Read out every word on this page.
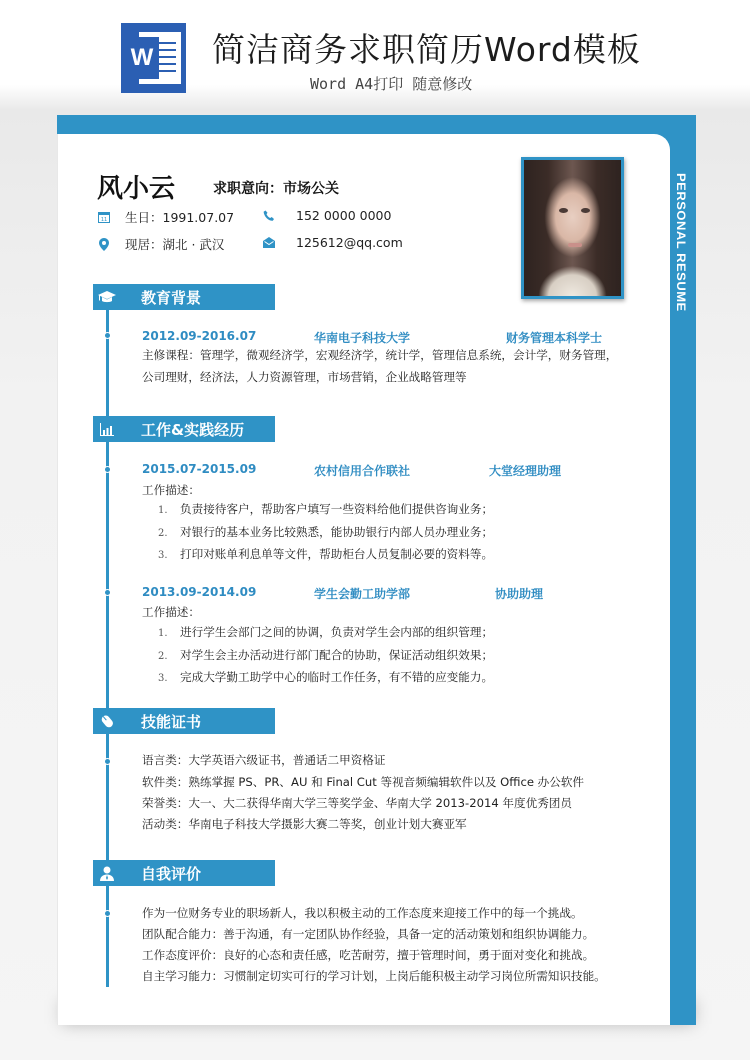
W 简洁商务求职简历Word模板
Word A4打印 随意修改
PERSONAL RESUME
风小云	求职意向：市场公关
11 生日：1991.07.07
现居：湖北 · 武汉
152 0000 0000
125612@qq.com
教育背景
2012.09-2016.07	华南电子科技大学	财务管理本科学士
主修课程：管理学，微观经济学，宏观经济学，统计学，管理信息系统，会计学，财务管理，
公司理财，经济法，人力资源管理，市场营销，企业战略管理等
工作&实践经历
2015.07-2015.09	农村信用合作联社	大堂经理助理
工作描述：
1. 负责接待客户，帮助客户填写一些资料给他们提供咨询业务；
2. 对银行的基本业务比较熟悉，能协助银行内部人员办理业务；
3. 打印对账单利息单等文件，帮助柜台人员复制必要的资料等。
2013.09-2014.09	学生会勤工助学部	协助助理
工作描述：
1. 进行学生会部门之间的协调，负责对学生会内部的组织管理；
2. 对学生会主办活动进行部门配合的协助，保证活动组织效果；
3. 完成大学勤工助学中心的临时工作任务，有不错的应变能力。
技能证书
语言类：大学英语六级证书，普通话二甲资格证
软件类：熟练掌握 PS、PR、AU 和 Final Cut 等视音频编辑软件以及 Office 办公软件
荣誉类：大一、大二获得华南大学三等奖学金、华南大学 2013-2014 年度优秀团员
活动类：华南电子科技大学摄影大赛二等奖，创业计划大赛亚军
自我评价
作为一位财务专业的职场新人，我以积极主动的工作态度来迎接工作中的每一个挑战。
团队配合能力：善于沟通，有一定团队协作经验，具备一定的活动策划和组织协调能力。
工作态度评价：良好的心态和责任感，吃苦耐劳，擅于管理时间，勇于面对变化和挑战。
自主学习能力：习惯制定切实可行的学习计划，上岗后能积极主动学习岗位所需知识技能。
